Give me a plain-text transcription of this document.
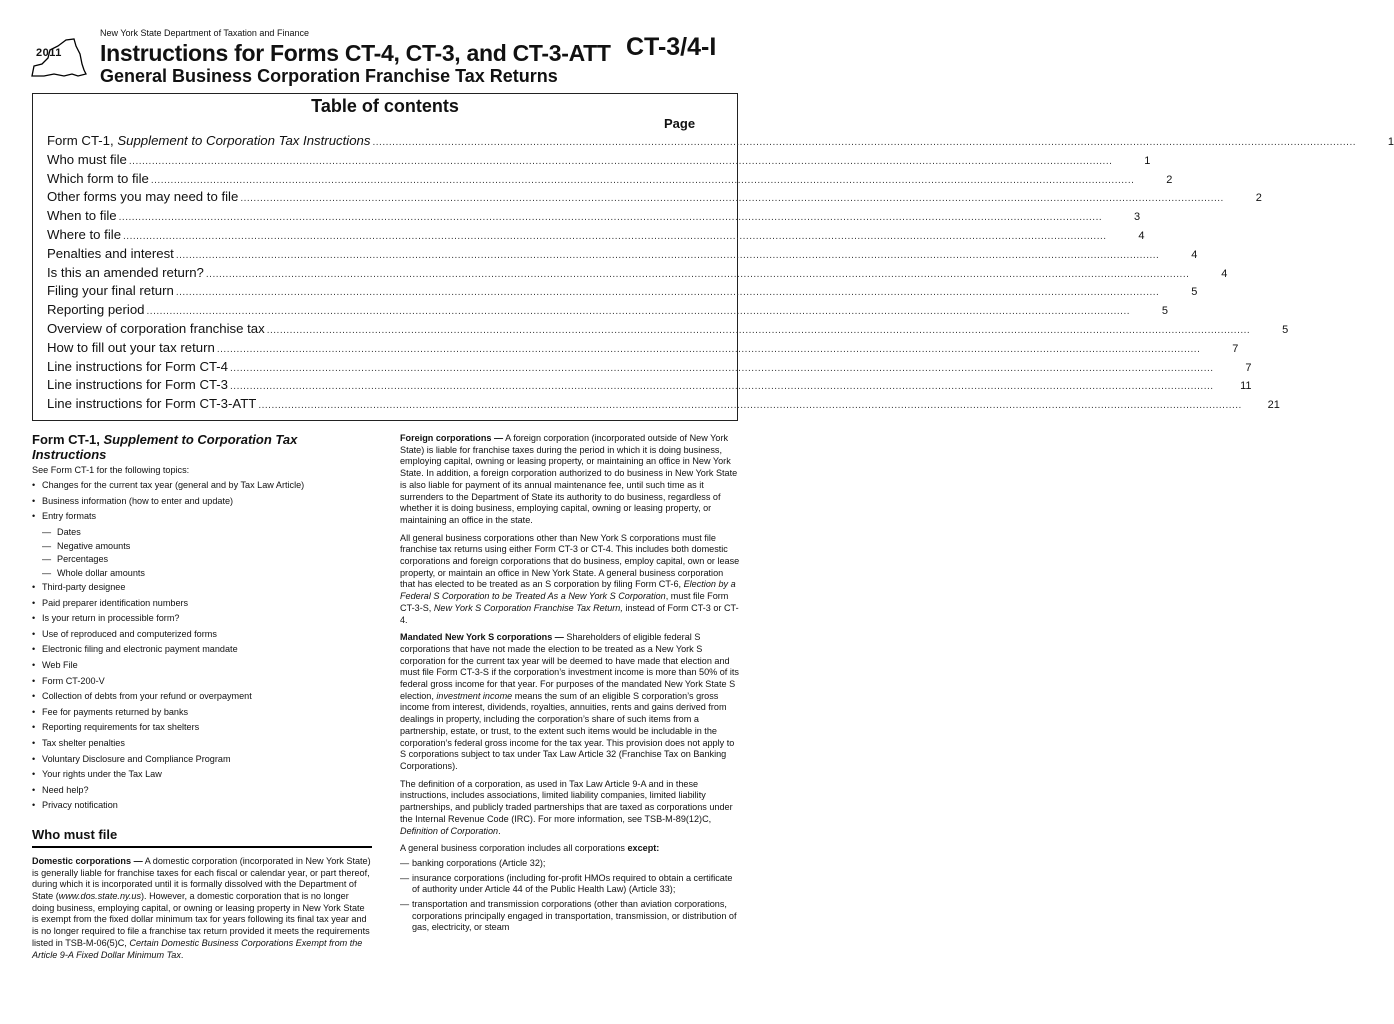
2011
New York State Department of Taxation and Finance
Instructions for Forms CT-4, CT-3, and CT-3-ATT
General Business Corporation Franchise Tax Returns
CT-3/4-I
Table of contents
Page
Form CT-1, Supplement to Corporation Tax Instructions ............................................................................................................................................................................................................................................................................................................	1
Who must file ............................................................................................................................................................................................................................................................................................................	1
Which form to file ............................................................................................................................................................................................................................................................................................................	2
Other forms you may need to file ............................................................................................................................................................................................................................................................................................................	2
When to file ............................................................................................................................................................................................................................................................................................................	3
Where to file ............................................................................................................................................................................................................................................................................................................	4
Penalties and interest ............................................................................................................................................................................................................................................................................................................	4
Is this an amended return? ............................................................................................................................................................................................................................................................................................................	4
Filing your final return ............................................................................................................................................................................................................................................................................................................	5
Reporting period ............................................................................................................................................................................................................................................................................................................	5
Overview of corporation franchise tax ............................................................................................................................................................................................................................................................................................................	5
How to fill out your tax return ............................................................................................................................................................................................................................................................................................................	7
Line instructions for Form CT-4 ............................................................................................................................................................................................................................................................................................................	7
Line instructions for Form CT-3 ............................................................................................................................................................................................................................................................................................................	11
Line instructions for Form CT-3-ATT ............................................................................................................................................................................................................................................................................................................	21
Form CT-1, Supplement to Corporation Tax Instructions
See Form CT-1 for the following topics:
• Changes for the current tax year (general and by Tax Law Article)
• Business information (how to enter and update)
• Entry formats
— Dates
— Negative amounts
— Percentages
— Whole dollar amounts
• Third-party designee
• Paid preparer identification numbers
• Is your return in processible form?
• Use of reproduced and computerized forms
• Electronic filing and electronic payment mandate
• Web File
• Form CT-200-V
• Collection of debts from your refund or overpayment
• Fee for payments returned by banks
• Reporting requirements for tax shelters
• Tax shelter penalties
• Voluntary Disclosure and Compliance Program
• Your rights under the Tax Law
• Need help?
• Privacy notification
Who must file

Domestic corporations — A domestic corporation (incorporated in New York State) is generally liable for franchise taxes for each fiscal or calendar year, or part thereof, during which it is incorporated until it is formally dissolved with the Department of State (www.dos.state.ny.us). However, a domestic corporation that is no longer doing business, employing capital, or owning or leasing property in New York State is exempt from the fixed dollar minimum tax for years following its final tax year and is no longer required to file a franchise tax return provided it meets the requirements listed in TSB-M-06(5)C, Certain Domestic Business Corporations Exempt from the Article 9-A Fixed Dollar Minimum Tax.

Foreign corporations — A foreign corporation (incorporated outside of New York State) is liable for franchise taxes during the period in which it is doing business, employing capital, owning or leasing property, or maintaining an office in New York State. In addition, a foreign corporation authorized to do business in New York State is also liable for payment of its annual maintenance fee, until such time as it surrenders to the Department of State its authority to do business, regardless of whether it is doing business, employing capital, owning or leasing property, or maintaining an office in the state.

All general business corporations other than New York S corporations must file franchise tax returns using either Form CT-3 or CT-4. This includes both domestic corporations and foreign corporations that do business, employ capital, own or lease property, or maintain an office in New York State. A general business corporation that has elected to be treated as an S corporation by filing Form CT-6, Election by a Federal S Corporation to be Treated As a New York S Corporation, must file Form CT-3-S, New York S Corporation Franchise Tax Return, instead of Form CT-3 or CT-4.

Mandated New York S corporations — Shareholders of eligible federal S corporations that have not made the election to be treated as a New York S corporation for the current tax year will be deemed to have made that election and must file Form CT-3-S if the corporation’s investment income is more than 50% of its federal gross income for that year. For purposes of the mandated New York State S election, investment income means the sum of an eligible S corporation’s gross income from interest, dividends, royalties, annuities, rents and gains derived from dealings in property, including the corporation’s share of such items from a partnership, estate, or trust, to the extent such items would be includable in the corporation’s federal gross income for the tax year. This provision does not apply to S corporations subject to tax under Tax Law Article 32 (Franchise Tax on Banking Corporations).

The definition of a corporation, as used in Tax Law Article 9-A and in these instructions, includes associations, limited liability companies, limited liability partnerships, and publicly traded partnerships that are taxed as corporations under the Internal Revenue Code (IRC). For more information, see TSB-M-89(12)C, Definition of Corporation.

A general business corporation includes all corporations except:

— banking corporations (Article 32);
— insurance corporations (including for-profit HMOs required to obtain a certificate of authority under Article 44 of the Public Health Law) (Article 33);
— transportation and transmission corporations (other than aviation corporations, corporations principally engaged in transportation, transmission, or distribution of gas, electricity, or steam
